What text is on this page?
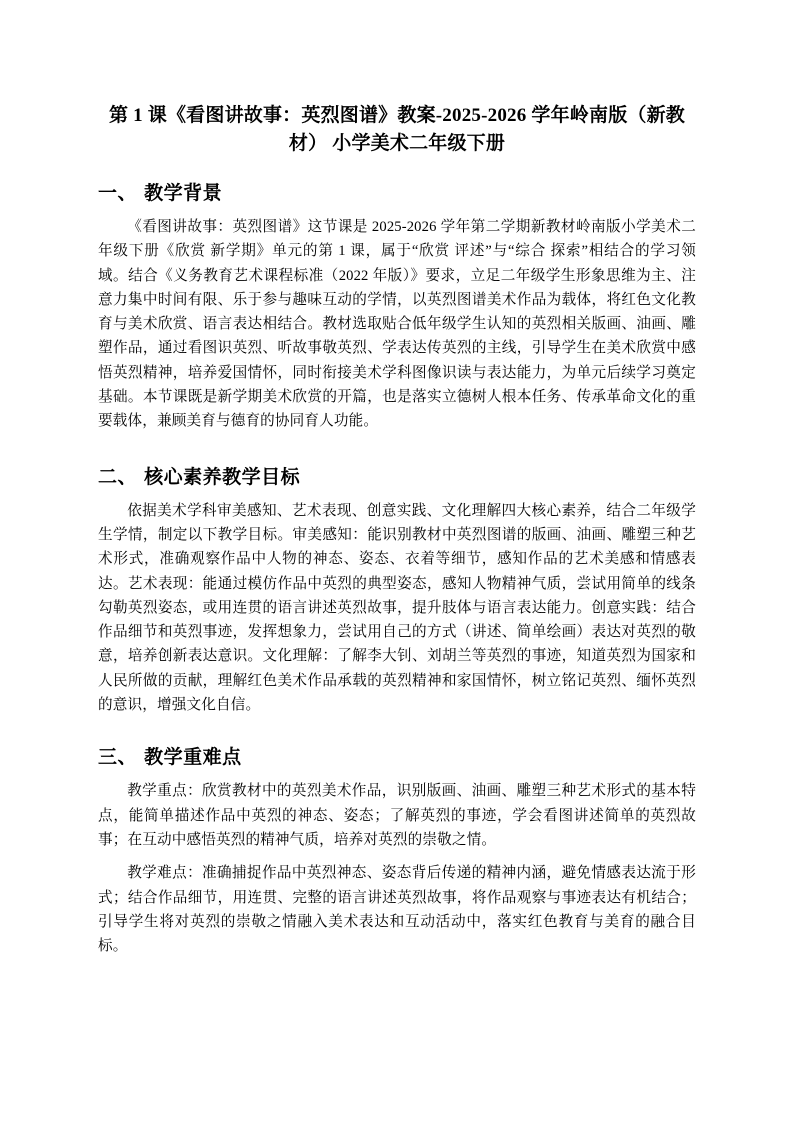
第 1 课《看图讲故事：英烈图谱》教案-2025-2026 学年岭南版（新教材） 小学美术二年级下册
一、 教学背景

《看图讲故事：英烈图谱》这节课是 2025-2026 学年第二学期新教材岭南版小学美术二年级下册《欣赏 新学期》单元的第 1 课，属于“欣赏 评述”与“综合 探索”相结合的学习领域。结合《义务教育艺术课程标准（2022 年版）》要求，立足二年级学生形象思维为主、注意力集中时间有限、乐于参与趣味互动的学情，以英烈图谱美术作品为载体，将红色文化教育与美术欣赏、语言表达相结合。教材选取贴合低年级学生认知的英烈相关版画、油画、雕塑作品，通过看图识英烈、听故事敬英烈、学表达传英烈的主线，引导学生在美术欣赏中感悟英烈精神，培养爱国情怀，同时衔接美术学科图像识读与表达能力，为单元后续学习奠定基础。本节课既是新学期美术欣赏的开篇，也是落实立德树人根本任务、传承革命文化的重要载体，兼顾美育与德育的协同育人功能。

二、 核心素养教学目标

依据美术学科审美感知、艺术表现、创意实践、文化理解四大核心素养，结合二年级学生学情，制定以下教学目标。审美感知：能识别教材中英烈图谱的版画、油画、雕塑三种艺术形式，准确观察作品中人物的神态、姿态、衣着等细节，感知作品的艺术美感和情感表达。艺术表现：能通过模仿作品中英烈的典型姿态，感知人物精神气质，尝试用简单的线条勾勒英烈姿态，或用连贯的语言讲述英烈故事，提升肢体与语言表达能力。创意实践：结合作品细节和英烈事迹，发挥想象力，尝试用自己的方式（讲述、简单绘画）表达对英烈的敬意，培养创新表达意识。文化理解：了解李大钊、刘胡兰等英烈的事迹，知道英烈为国家和人民所做的贡献，理解红色美术作品承载的英烈精神和家国情怀，树立铭记英烈、缅怀英烈的意识，增强文化自信。

三、 教学重难点

教学重点：欣赏教材中的英烈美术作品，识别版画、油画、雕塑三种艺术形式的基本特点，能简单描述作品中英烈的神态、姿态；了解英烈的事迹，学会看图讲述简单的英烈故事；在互动中感悟英烈的精神气质，培养对英烈的崇敬之情。

教学难点：准确捕捉作品中英烈神态、姿态背后传递的精神内涵，避免情感表达流于形式；结合作品细节，用连贯、完整的语言讲述英烈故事，将作品观察与事迹表达有机结合；引导学生将对英烈的崇敬之情融入美术表达和互动活动中，落实红色教育与美育的融合目标。
